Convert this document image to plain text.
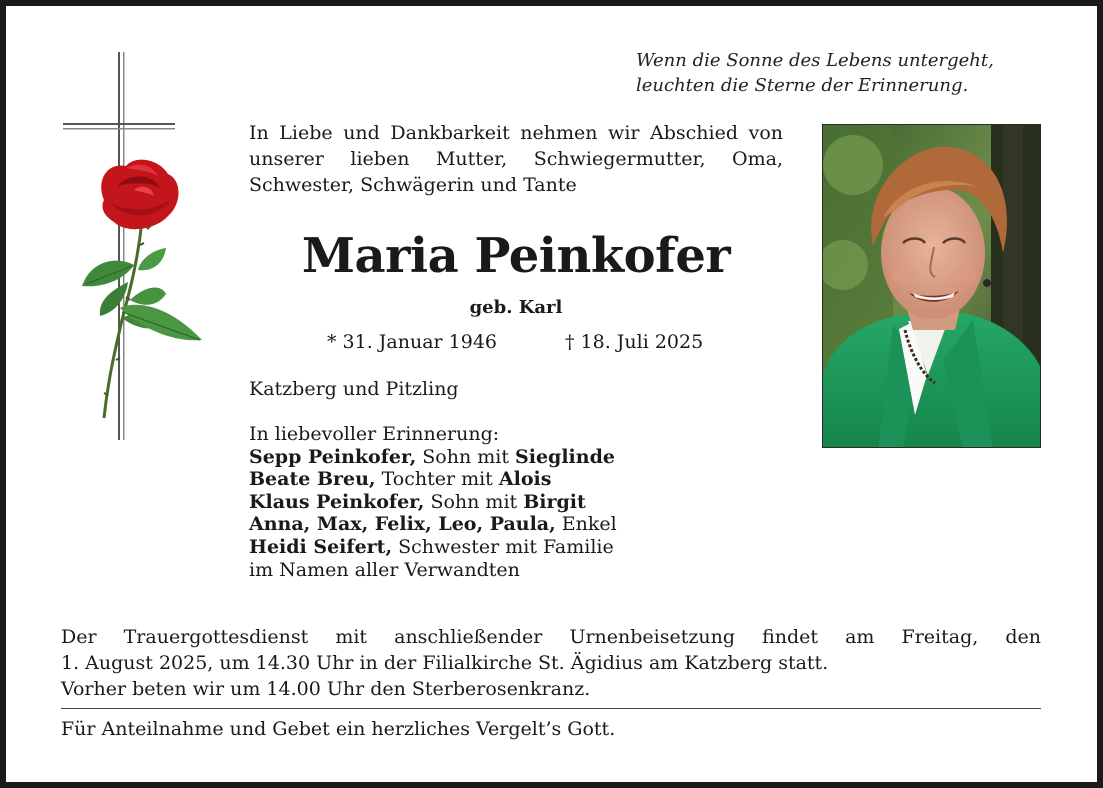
Wenn die Sonne des Lebens untergeht,
leuchten die Sterne der Erinnerung.
In Liebe und Dankbarkeit nehmen wir Abschied von unserer lieben Mutter, Schwiegermutter, Oma, Schwester, Schwägerin und Tante
Maria Peinkofer
geb. Karl
* 31. Januar 1946	† 18. Juli 2025
Katzberg und Pitzling
In liebevoller Erinnerung:
Sepp Peinkofer, Sohn mit Sieglinde
Beate Breu, Tochter mit Alois
Klaus Peinkofer, Sohn mit Birgit
Anna, Max, Felix, Leo, Paula, Enkel
Heidi Seifert, Schwester mit Familie
im Namen aller Verwandten
Der Trauergottesdienst mit anschließender Urnenbeisetzung findet am Freitag, den
1. August 2025, um 14.30 Uhr in der Filialkirche St. Ägidius am Katzberg statt.
Vorher beten wir um 14.00 Uhr den Sterberosenkranz.
Für Anteilnahme und Gebet ein herzliches Vergelt’s Gott.
